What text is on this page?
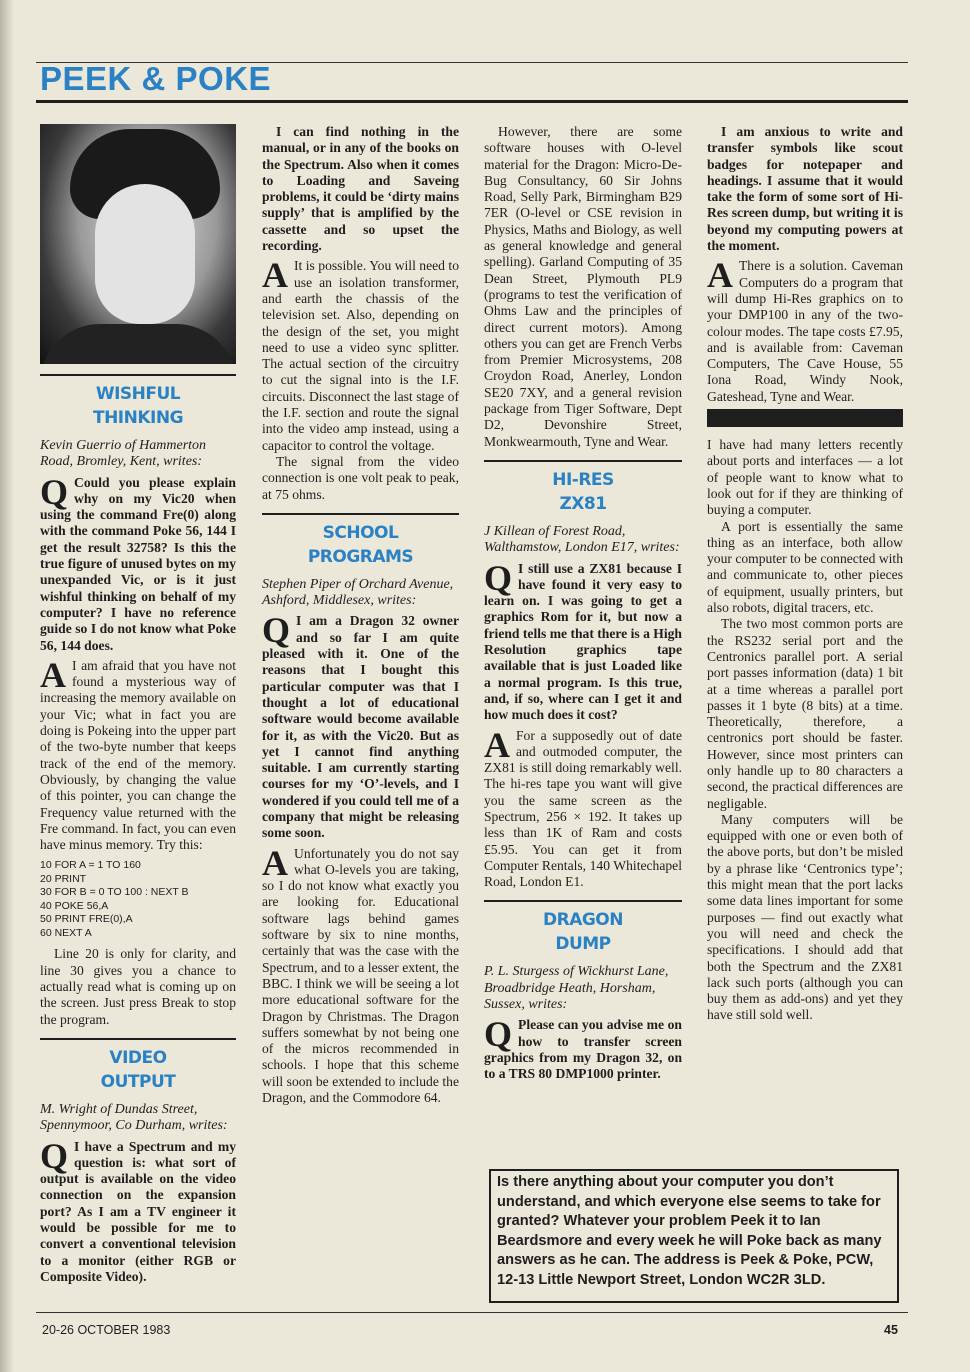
PEEK & POKE
WISHFUL
THINKING

Kevin Guerrio of Hammerton Road, Bromley, Kent, writes:

Q Could you please explain why on my Vic20 when using the command Fre(0) along with the command Poke 56, 144 I get the result 32758? Is this the true figure of unused bytes on my unexpanded Vic, or is it just wishful thinking on behalf of my computer? I have no reference guide so I do not know what Poke 56, 144 does.

A I am afraid that you have not found a mysterious way of increasing the memory available on your Vic; what in fact you are doing is Pokeing into the upper part of the two-byte number that keeps track of the end of the memory. Obviously, by changing the value of this pointer, you can change the Frequency value returned with the Fre command. In fact, you can even have minus memory. Try this:

10 FOR A = 1 TO 160
20 PRINT
30 FOR B = 0 TO 100 : NEXT B
40 POKE 56,A
50 PRINT FRE(0),A
60 NEXT A

Line 20 is only for clarity, and line 30 gives you a chance to actually read what is coming up on the screen. Just press Break to stop the program.

VIDEO
OUTPUT

M. Wright of Dundas Street, Spennymoor, Co Durham, writes:

Q I have a Spectrum and my question is: what sort of output is available on the video connection on the expansion port? As I am a TV engineer it would be possible for me to convert a conventional television to a monitor (either RGB or Composite Video).

I can find nothing in the manual, or in any of the books on the Spectrum. Also when it comes to Loading and Saveing problems, it could be ‘dirty mains supply’ that is amplified by the cassette and so upset the recording.

A It is possible. You will need to use an isolation transformer, and earth the chassis of the television set. Also, depending on the design of the set, you might need to use a video sync splitter. The actual section of the circuitry to cut the signal into is the I.F. circuits. Disconnect the last stage of the I.F. section and route the signal into the video amp instead, using a capacitor to control the voltage.

The signal from the video connection is one volt peak to peak, at 75 ohms.

SCHOOL
PROGRAMS

Stephen Piper of Orchard Avenue, Ashford, Middlesex, writes:

Q I am a Dragon 32 owner and so far I am quite pleased with it. One of the reasons that I bought this particular computer was that I thought a lot of educational software would become available for it, as with the Vic20. But as yet I cannot find anything suitable. I am currently starting courses for my ‘O’-levels, and I wondered if you could tell me of a company that might be releasing some soon.

A Unfortunately you do not say what O-levels you are taking, so I do not know what exactly you are looking for. Educational software lags behind games software by six to nine months, certainly that was the case with the Spectrum, and to a lesser extent, the BBC. I think we will be seeing a lot more educational software for the Dragon by Christmas. The Dragon suffers somewhat by not being one of the micros recommended in schools. I hope that this scheme will soon be extended to include the Dragon, and the Commodore 64.

However, there are some software houses with O-level material for the Dragon: Micro-De-Bug Consultancy, 60 Sir Johns Road, Selly Park, Birmingham B29 7ER (O-level or CSE revision in Physics, Maths and Biology, as well as general knowledge and general spelling). Garland Computing of 35 Dean Street, Plymouth PL9 (programs to test the verification of Ohms Law and the principles of direct current motors). Among others you can get are French Verbs from Premier Microsystems, 208 Croydon Road, Anerley, London SE20 7XY, and a general revision package from Tiger Software, Dept D2, Devonshire Street, Monkwearmouth, Tyne and Wear.

HI-RES
ZX81

J Killean of Forest Road, Walthamstow, London E17, writes:

Q I still use a ZX81 because I have found it very easy to learn on. I was going to get a graphics Rom for it, but now a friend tells me that there is a High Resolution graphics tape available that is just Loaded like a normal program. Is this true, and, if so, where can I get it and how much does it cost?

A For a supposedly out of date and outmoded computer, the ZX81 is still doing remarkably well. The hi-res tape you want will give you the same screen as the Spectrum, 256 × 192. It takes up less than 1K of Ram and costs £5.95. You can get it from Computer Rentals, 140 Whitechapel Road, London E1.

DRAGON
DUMP

P. L. Sturgess of Wickhurst Lane, Broadbridge Heath, Horsham, Sussex, writes:

Q Please can you advise me on how to transfer screen graphics from my Dragon 32, on to a TRS 80 DMP1000 printer.

I am anxious to write and transfer symbols like scout badges for notepaper and headings. I assume that it would take the form of some sort of Hi-Res screen dump, but writing it is beyond my computing powers at the moment.

A There is a solution. Caveman Computers do a program that will dump Hi-Res graphics on to your DMP100 in any of the two-colour modes. The tape costs £7.95, and is available from: Caveman Computers, The Cave House, 55 Iona Road, Windy Nook, Gateshead, Tyne and Wear.

I have had many letters recently about ports and interfaces — a lot of people want to know what to look out for if they are thinking of buying a computer.

A port is essentially the same thing as an interface, both allow your computer to be connected with and communicate to, other pieces of equipment, usually printers, but also robots, digital tracers, etc.

The two most common ports are the RS232 serial port and the Centronics parallel port. A serial port passes information (data) 1 bit at a time whereas a parallel port passes it 1 byte (8 bits) at a time. Theoretically, therefore, a centronics port should be faster. However, since most printers can only handle up to 80 characters a second, the practical differences are negligable.

Many computers will be equipped with one or even both of the above ports, but don’t be misled by a phrase like ‘Centronics type’; this might mean that the port lacks some data lines important for some purposes — find out exactly what you will need and check the specifications. I should add that both the Spectrum and the ZX81 lack such ports (although you can buy them as add-ons) and yet they have still sold well.

Is there anything about your computer you don’t understand, and which everyone else seems to take for granted? Whatever your problem Peek it to Ian Beardsmore and every week he will Poke back as many answers as he can. The address is Peek & Poke, PCW, 12-13 Little Newport Street, London WC2R 3LD.
20-26 OCTOBER 1983	45
